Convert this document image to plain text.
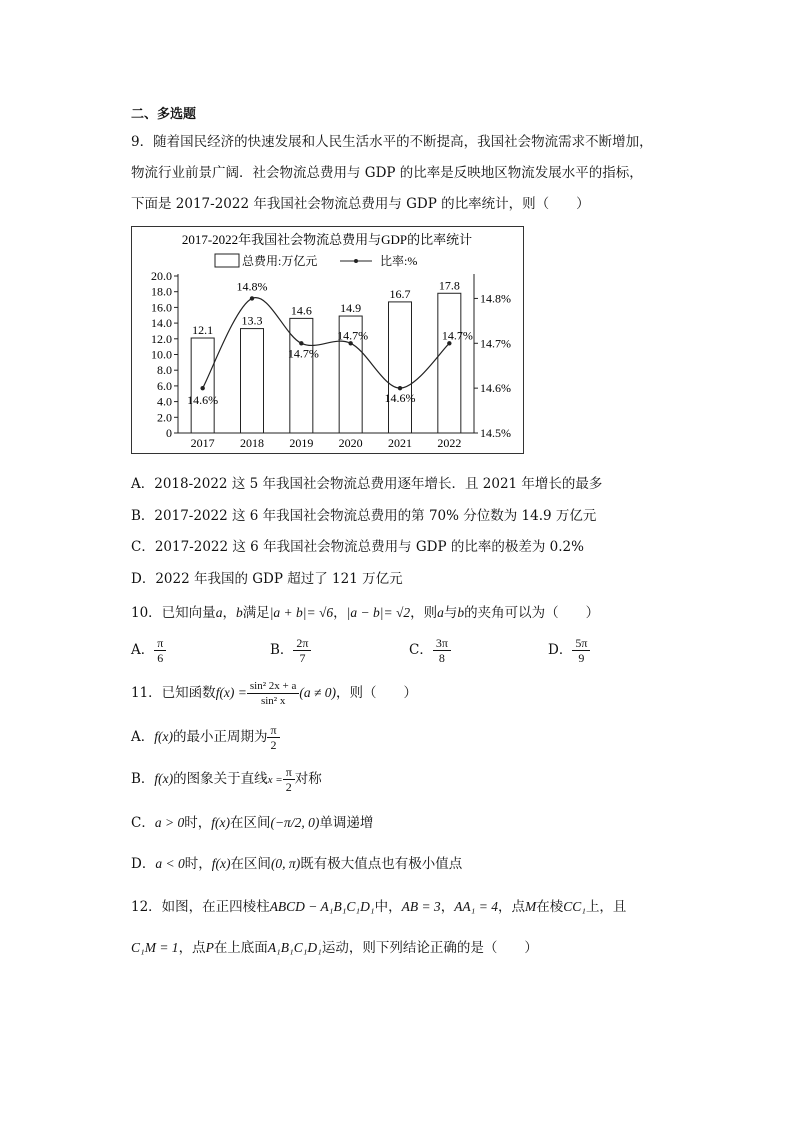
二、多选题
9．随着国民经济的快速发展和人民生活水平的不断提高，我国社会物流需求不断增加，
物流行业前景广阔．社会物流总费用与 GDP 的比率是反映地区物流发展水平的指标，
下面是 2017-2022 年我国社会物流总费用与 GDP 的比率统计，则（　　）
2017-2022年我国社会物流总费用与GDP的比率统计
总费用:万亿元	比率:%
0
2.0
4.0
6.0
8.0
10.0
12.0
14.0
16.0
18.0
20.0
14.5%
14.6%
14.7%
14.8%
12.1
2017
13.3
2018
14.6
2019
14.9
2020
16.7
2021
17.8
2022
14.6%
14.8%
14.7%
14.7%
14.6%
14.7%
A．2018-2022 这 5 年我国社会物流总费用逐年增长．且 2021 年增长的最多
B．2017-2022 这 6 年我国社会物流总费用的第 70% 分位数为 14.9 万亿元
C．2017-2022 这 6 年我国社会物流总费用与 GDP 的比率的极差为 0.2%
D．2022 年我国的 GDP 超过了 121 万亿元
10．已知向量a，b满足|a + b|= √6，|a − b|= √2，则a与b的夹角可以为（　　）
A． $\frac{\pi}{6}$	B． $\frac{2\pi}{7}$	C． $\frac{3\pi}{8}$	D． $\frac{5\pi}{9}$
11．已知函数$f(x) = \frac{\text{sin² 2x + a}}{\text{sin² x}} (a \ne 0)$，则（　　）
A．f(x)的最小正周期为 $\frac{\pi}{2}$
B．f(x)的图象关于直线$x = \frac{\pi}{2}$ 对称
C．a > 0时，f(x)在区间(−π/2, 0)单调递增
D．a < 0时，f(x)在区间(0, π)既有极大值点也有极小值点
12．如图，在正四棱柱ABCD − A₁B₁C₁D₁中，AB = 3，AA₁ = 4，点M在棱CC₁上，且
C₁M = 1，点P在上底面A₁B₁C₁D₁运动，则下列结论正确的是（　　）
